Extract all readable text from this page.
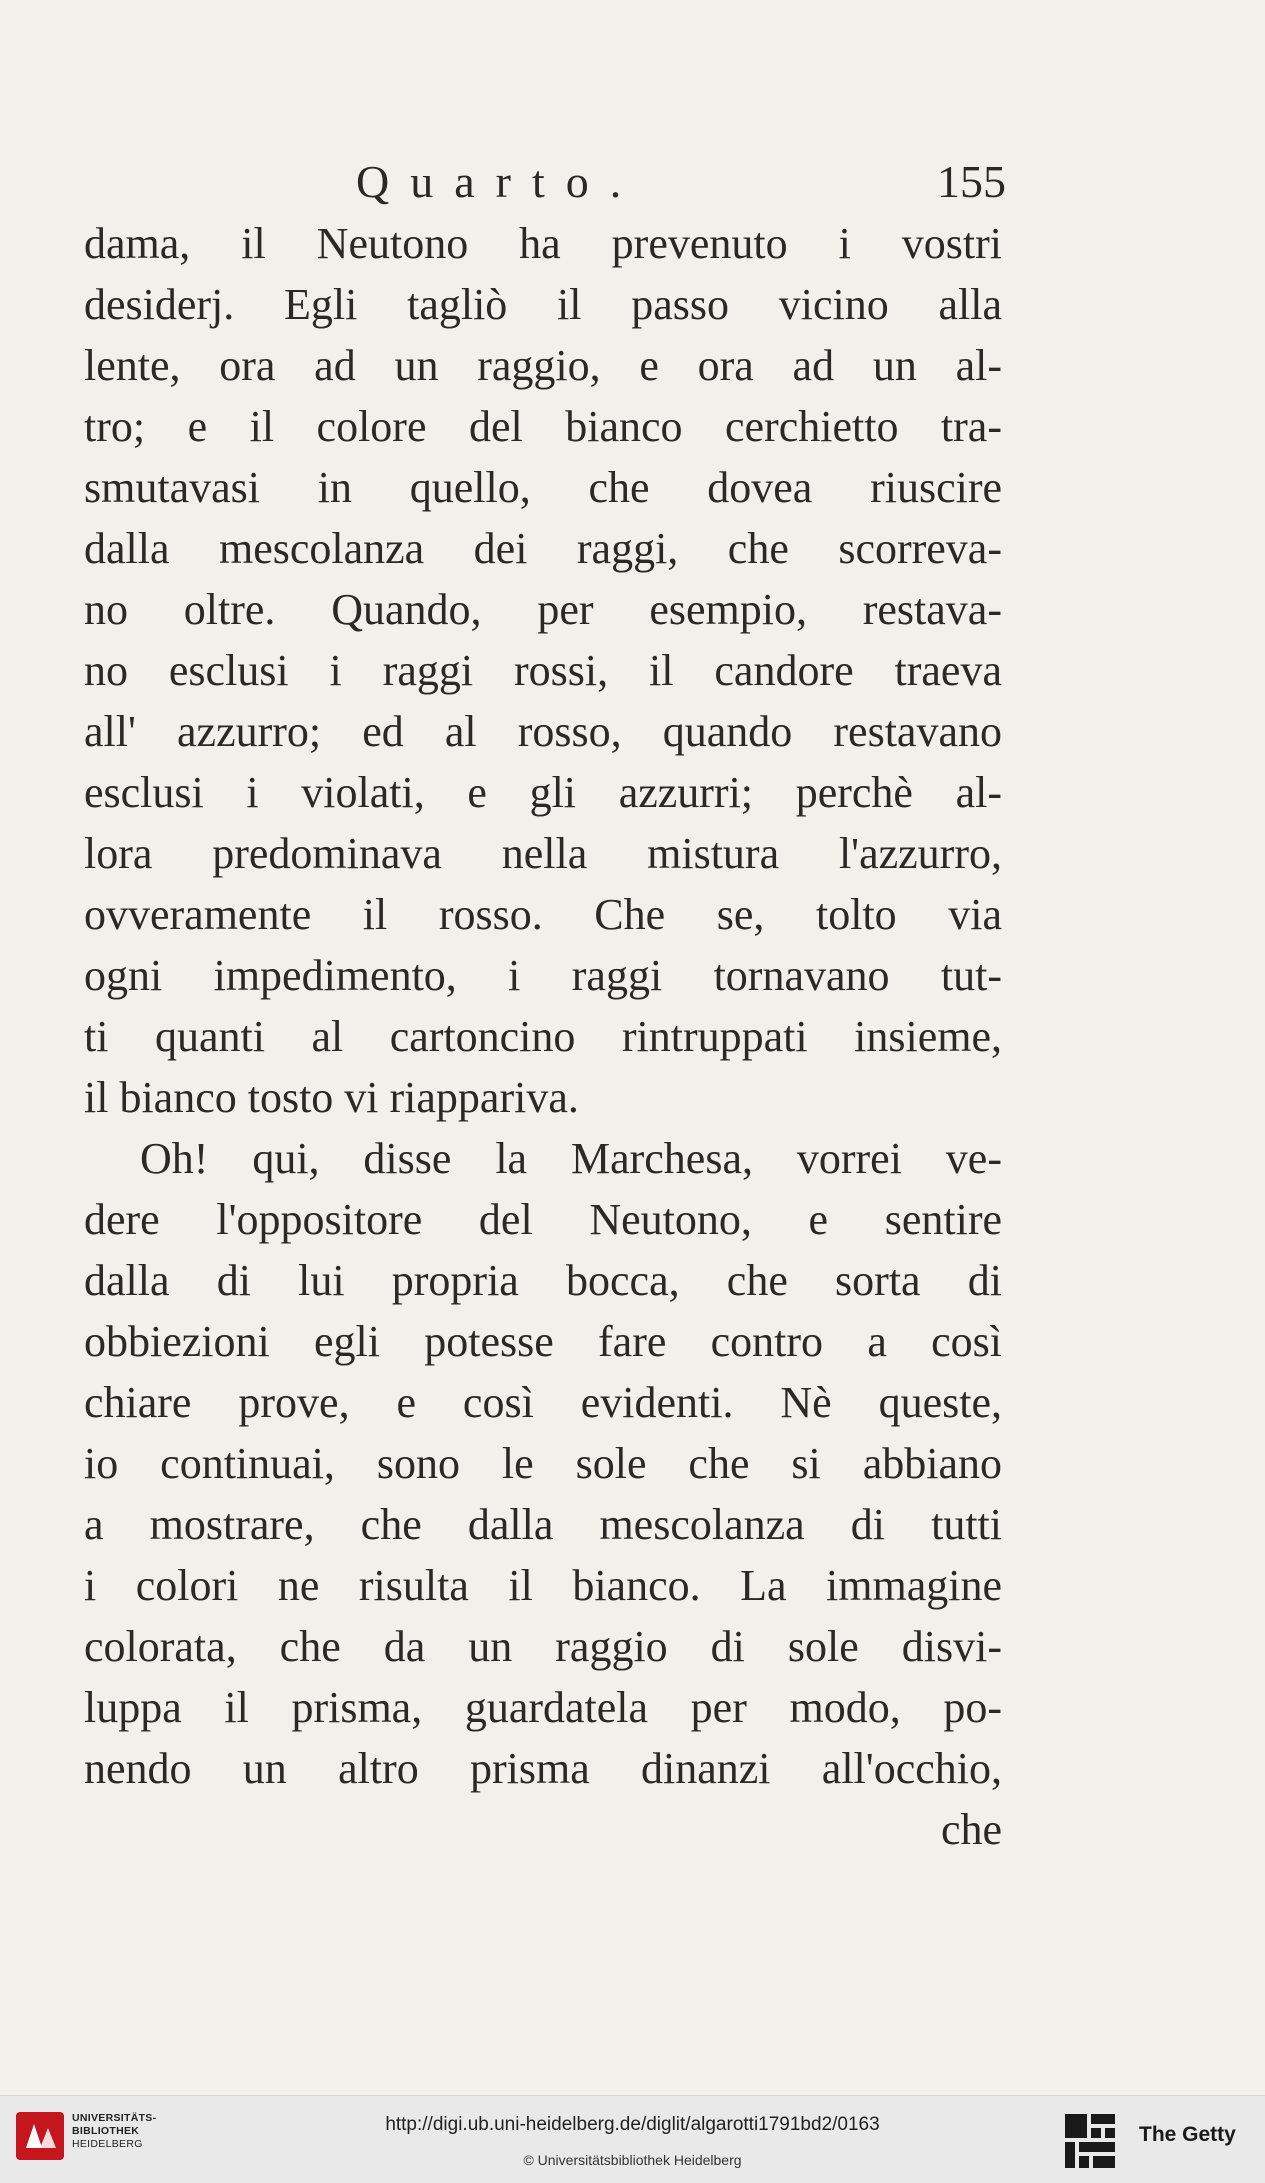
Quarto.	155
dama, il Neutono ha prevenuto i vostri
desiderj. Egli tagliò il passo vicino alla
lente, ora ad un raggio, e ora ad un al-
tro; e il colore del bianco cerchietto tra-
smutavasi in quello, che dovea riuscire
dalla mescolanza dei raggi, che scorreva-
no oltre. Quando, per esempio, restava-
no esclusi i raggi rossi, il candore traeva
all' azzurro; ed al rosso, quando restavano
esclusi i violati, e gli azzurri; perchè al-
lora predominava nella mistura l'azzurro,
ovveramente il rosso. Che se, tolto via
ogni impedimento, i raggi tornavano tut-
ti quanti al cartoncino rintruppati insieme,
il bianco tosto vi riappariva.
Oh! qui, disse la Marchesa, vorrei ve-
dere l'oppositore del Neutono, e sentire
dalla di lui propria bocca, che sorta di
obbiezioni egli potesse fare contro a così
chiare prove, e così evidenti. Nè queste,
io continuai, sono le sole che si abbiano
a mostrare, che dalla mescolanza di tutti
i colori ne risulta il bianco. La immagine
colorata, che da un raggio di sole disvi-
luppa il prisma, guardatela per modo, po-
nendo un altro prisma dinanzi all'occhio,
che
UNIVERSITÄTS-
BIBLIOTHEK
HEIDELBERG
http://digi.ub.uni-heidelberg.de/diglit/algarotti1791bd2/0163
© Universitätsbibliothek Heidelberg
The Getty
